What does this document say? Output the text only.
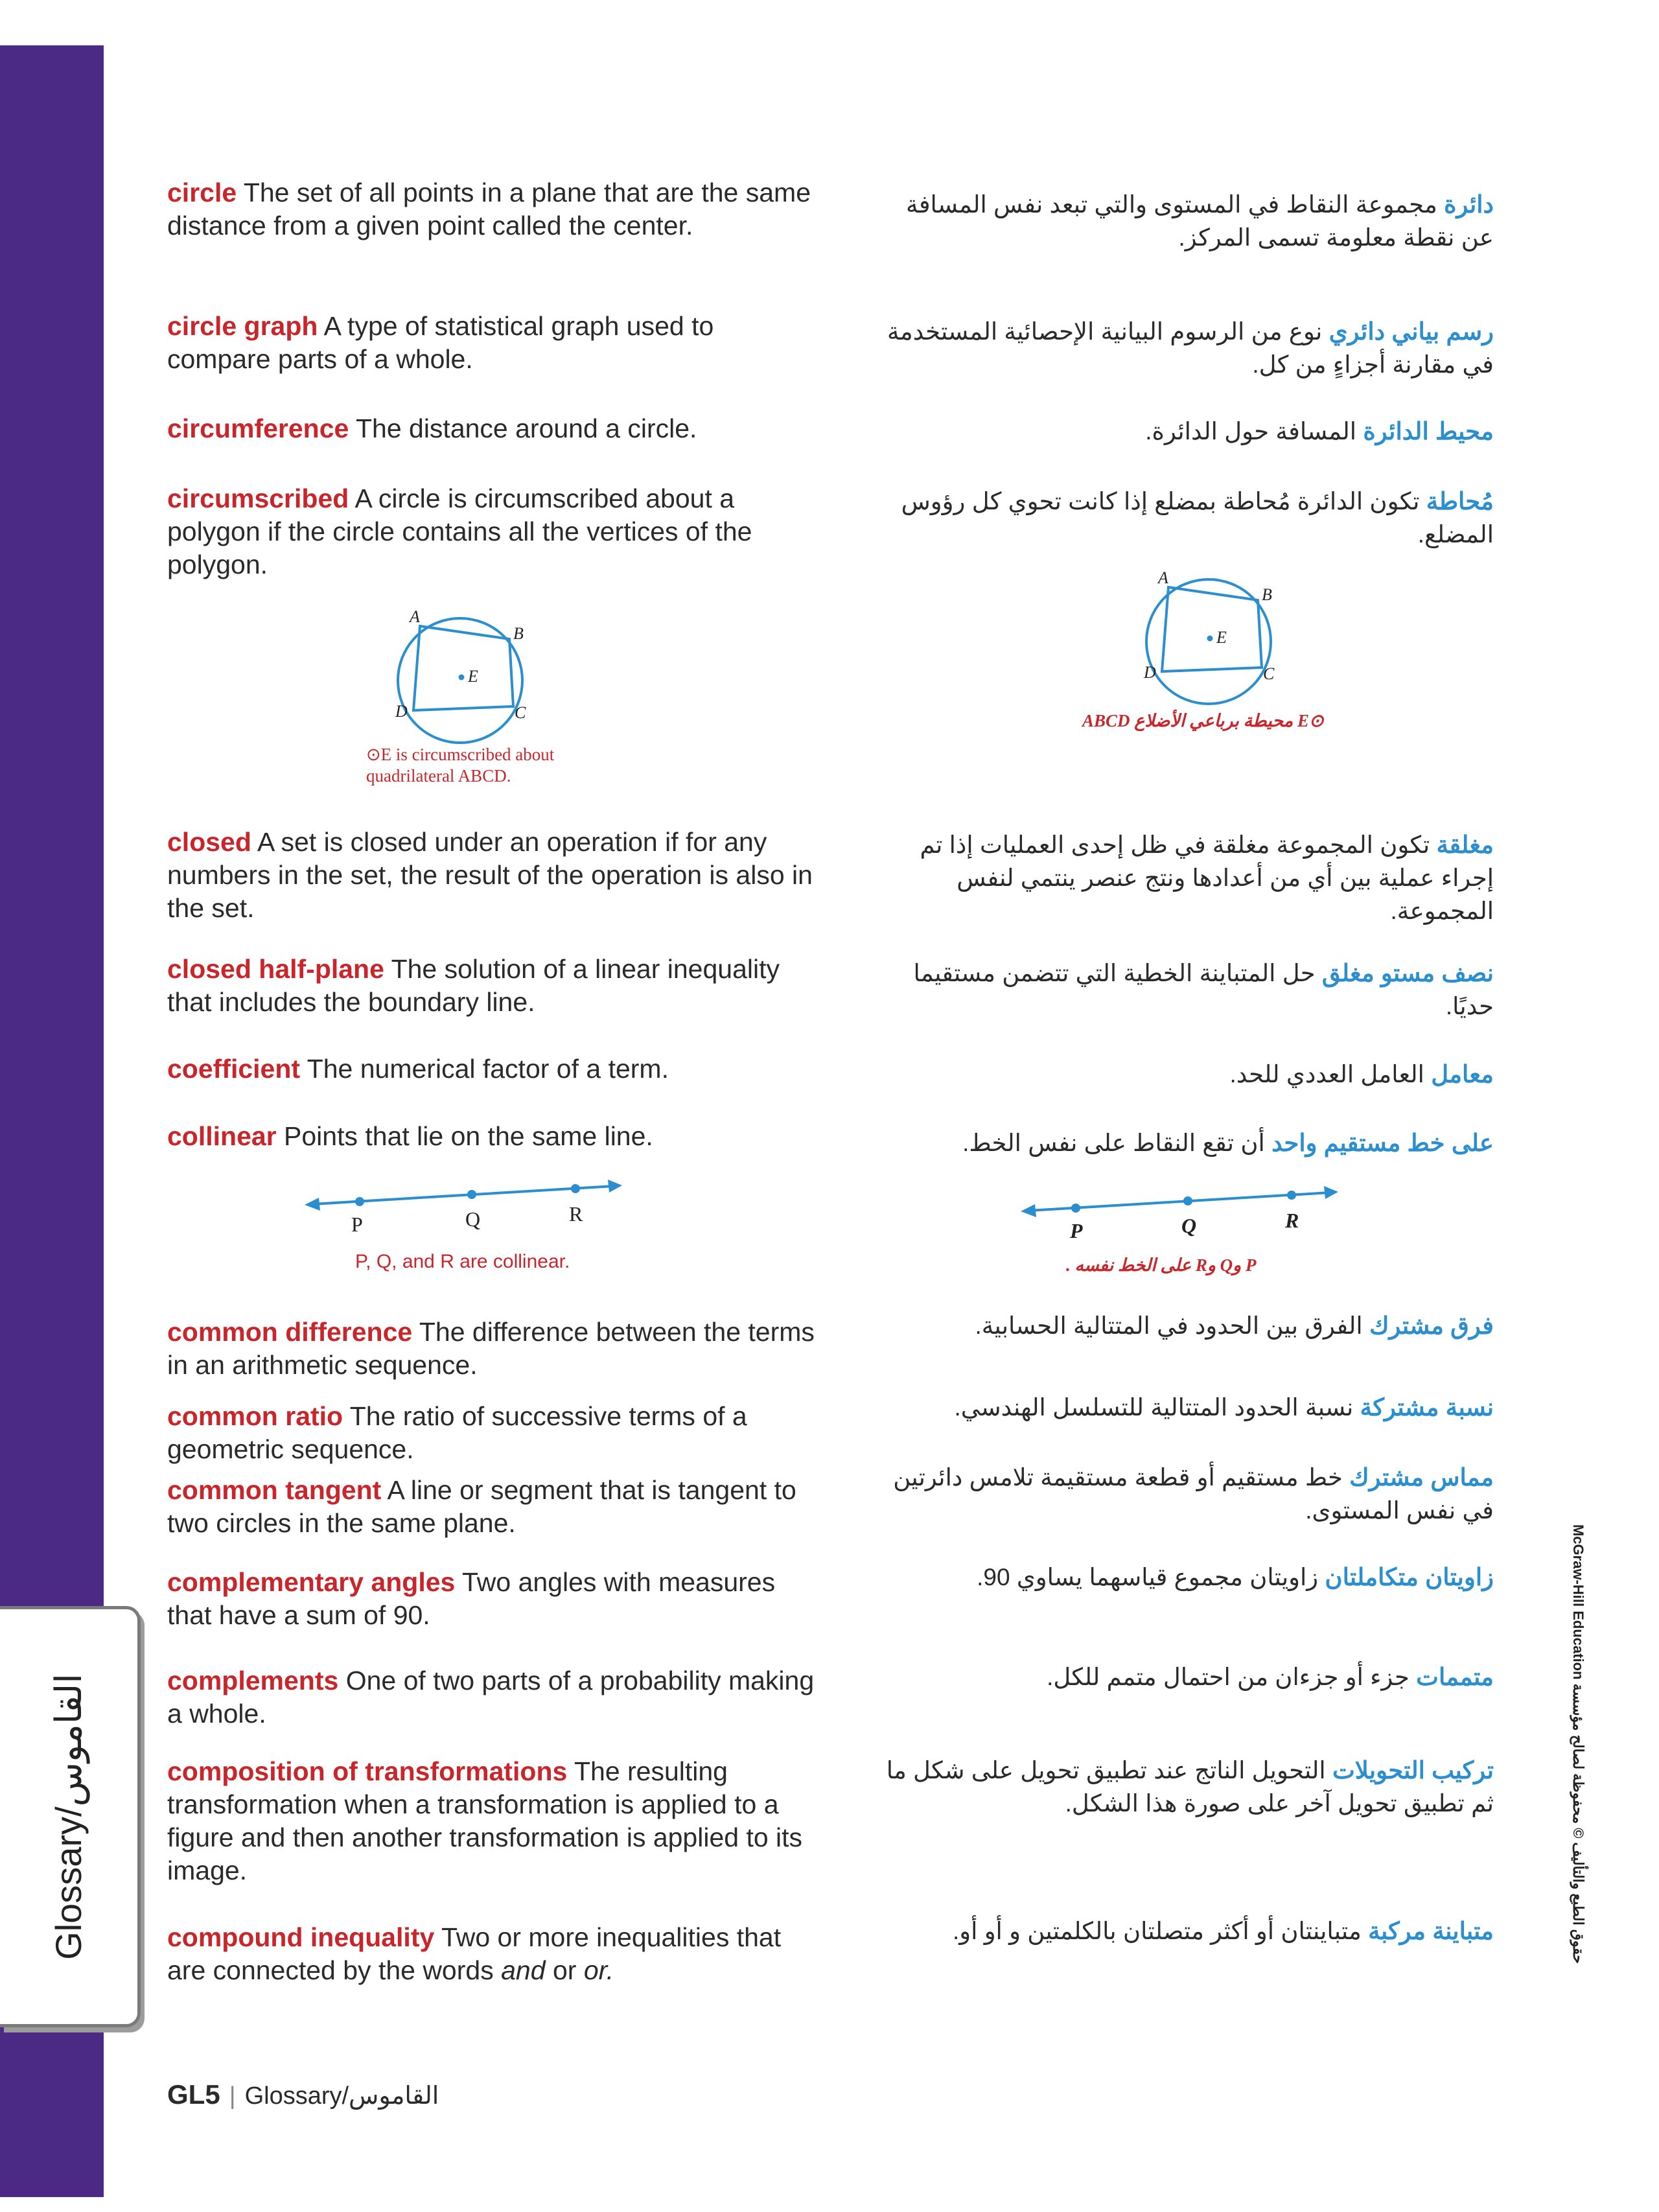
Glossary/القاموس
حقوق الطبع والتأليف © محفوظة لصالح مؤسسة McGraw-Hill Education
circle The set of all points in a plane that are the same distance from a given point called the center.
circle graph A type of statistical graph used to compare parts of a whole.
circumference The distance around a circle.
circumscribed A circle is circumscribed about a polygon if the circle contains all the vertices of the polygon.
A
B
C
D
E
⊙E is circumscribed about
quadrilateral ABCD.
closed A set is closed under an operation if for any numbers in the set, the result of the operation is also in the set.
closed half-plane The solution of a linear inequality that includes the boundary line.
coefficient The numerical factor of a term.
collinear Points that lie on the same line.
P	Q	R
P, Q, and R are collinear.
common difference The difference between the terms in an arithmetic sequence.
common ratio The ratio of successive terms of a geometric sequence.
common tangent A line or segment that is tangent to two circles in the same plane.
complementary angles Two angles with measures that have a sum of 90.
complements One of two parts of a probability making a whole.
composition of transformations The resulting transformation when a transformation is applied to a figure and then another transformation is applied to its image.
compound inequality Two or more inequalities that are connected by the words and or or.
دائرة مجموعة النقاط في المستوى والتي تبعد نفس المسافة عن نقطة معلومة تسمى المركز.
رسم بياني دائري نوع من الرسوم البيانية الإحصائية المستخدمة في مقارنة أجزاءٍ من كل.
محيط الدائرة المسافة حول الدائرة.
مُحاطة تكون الدائرة مُحاطة بمضلع إذا كانت تحوي كل رؤوس المضلع.
A
B
C
D
E
⊙E محيطة برباعي الأضلاع ABCD
مغلقة تكون المجموعة مغلقة في ظل إحدى العمليات إذا تم إجراء عملية بين أي من أعدادها ونتج عنصر ينتمي لنفس المجموعة.
نصف مستو مغلق حل المتباينة الخطية التي تتضمن مستقيما حديًا.
معامل العامل العددي للحد.
على خط مستقيم واحد أن تقع النقاط على نفس الخط.
P	Q	R
P وQ وR على الخط نفسه .
فرق مشترك الفرق بين الحدود في المتتالية الحسابية.
نسبة مشتركة نسبة الحدود المتتالية للتسلسل الهندسي.
مماس مشترك خط مستقيم أو قطعة مستقيمة تلامس دائرتين في نفس المستوى.
زاويتان متكاملتان زاويتان مجموع قياسهما يساوي 90.
متممات جزء أو جزءان من احتمال متمم للكل.
تركيب التحويلات التحويل الناتج عند تطبيق تحويل على شكل ما ثم تطبيق تحويل آخر على صورة هذا الشكل.
متباينة مركبة متباينتان أو أكثر متصلتان بالكلمتين و أو أو.
GL5 | Glossary/القاموس
